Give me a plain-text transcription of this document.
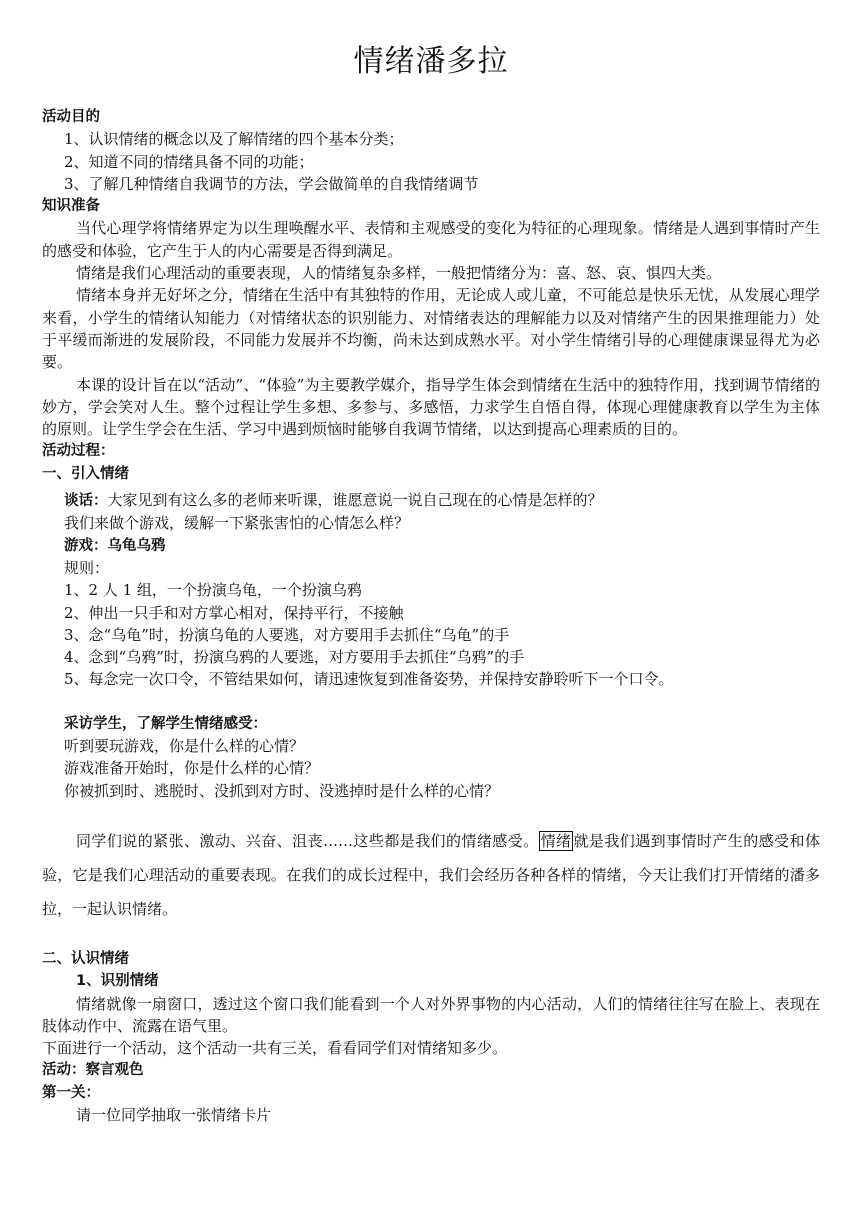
情绪潘多拉

活动目的

1、认识情绪的概念以及了解情绪的四个基本分类；

2、知道不同的情绪具备不同的功能；

3、了解几种情绪自我调节的方法，学会做简单的自我情绪调节

知识准备

当代心理学将情绪界定为以生理唤醒水平、表情和主观感受的变化为特征的心理现象。情绪是人遇到事情时产生的感受和体验，它产生于人的内心需要是否得到满足。

情绪是我们心理活动的重要表现，人的情绪复杂多样，一般把情绪分为：喜、怒、哀、惧四大类。

情绪本身并无好坏之分，情绪在生活中有其独特的作用，无论成人或儿童，不可能总是快乐无忧，从发展心理学来看，小学生的情绪认知能力（对情绪状态的识别能力、对情绪表达的理解能力以及对情绪产生的因果推理能力）处于平缓而渐进的发展阶段，不同能力发展并不均衡，尚未达到成熟水平。对小学生情绪引导的心理健康课显得尤为必要。

本课的设计旨在以“活动”、“体验”为主要教学媒介，指导学生体会到情绪在生活中的独特作用，找到调节情绪的妙方，学会笑对人生。整个过程让学生多想、多参与、多感悟，力求学生自悟自得，体现心理健康教育以学生为主体的原则。让学生学会在生活、学习中遇到烦恼时能够自我调节情绪，以达到提高心理素质的目的。

活动过程：

一、引入情绪

谈话：大家见到有这么多的老师来听课，谁愿意说一说自己现在的心情是怎样的？

我们来做个游戏，缓解一下紧张害怕的心情怎么样？

游戏：乌龟乌鸦

规则：

1、2 人 1 组，一个扮演乌龟，一个扮演乌鸦

2、伸出一只手和对方掌心相对，保持平行，不接触

3、念“乌龟”时，扮演乌龟的人要逃，对方要用手去抓住“乌龟”的手

4、念到“乌鸦”时，扮演乌鸦的人要逃，对方要用手去抓住“乌鸦”的手

5、每念完一次口令，不管结果如何，请迅速恢复到准备姿势，并保持安静聆听下一个口令。

采访学生，了解学生情绪感受：

听到要玩游戏，你是什么样的心情？

游戏准备开始时，你是什么样的心情？

你被抓到时、逃脱时、没抓到对方时、没逃掉时是什么样的心情？

同学们说的紧张、激动、兴奋、沮丧……这些都是我们的情绪感受。 情绪 就是我们遇到事情时产生的感受和体验，它是我们心理活动的重要表现。在我们的成长过程中，我们会经历各种各样的情绪，今天让我们打开情绪的潘多拉，一起认识情绪。

二、认识情绪

1、识别情绪

情绪就像一扇窗口，透过这个窗口我们能看到一个人对外界事物的内心活动，人们的情绪往往写在脸上、表现在肢体动作中、流露在语气里。

下面进行一个活动，这个活动一共有三关，看看同学们对情绪知多少。

活动：察言观色

第一关：

请一位同学抽取一张情绪卡片
